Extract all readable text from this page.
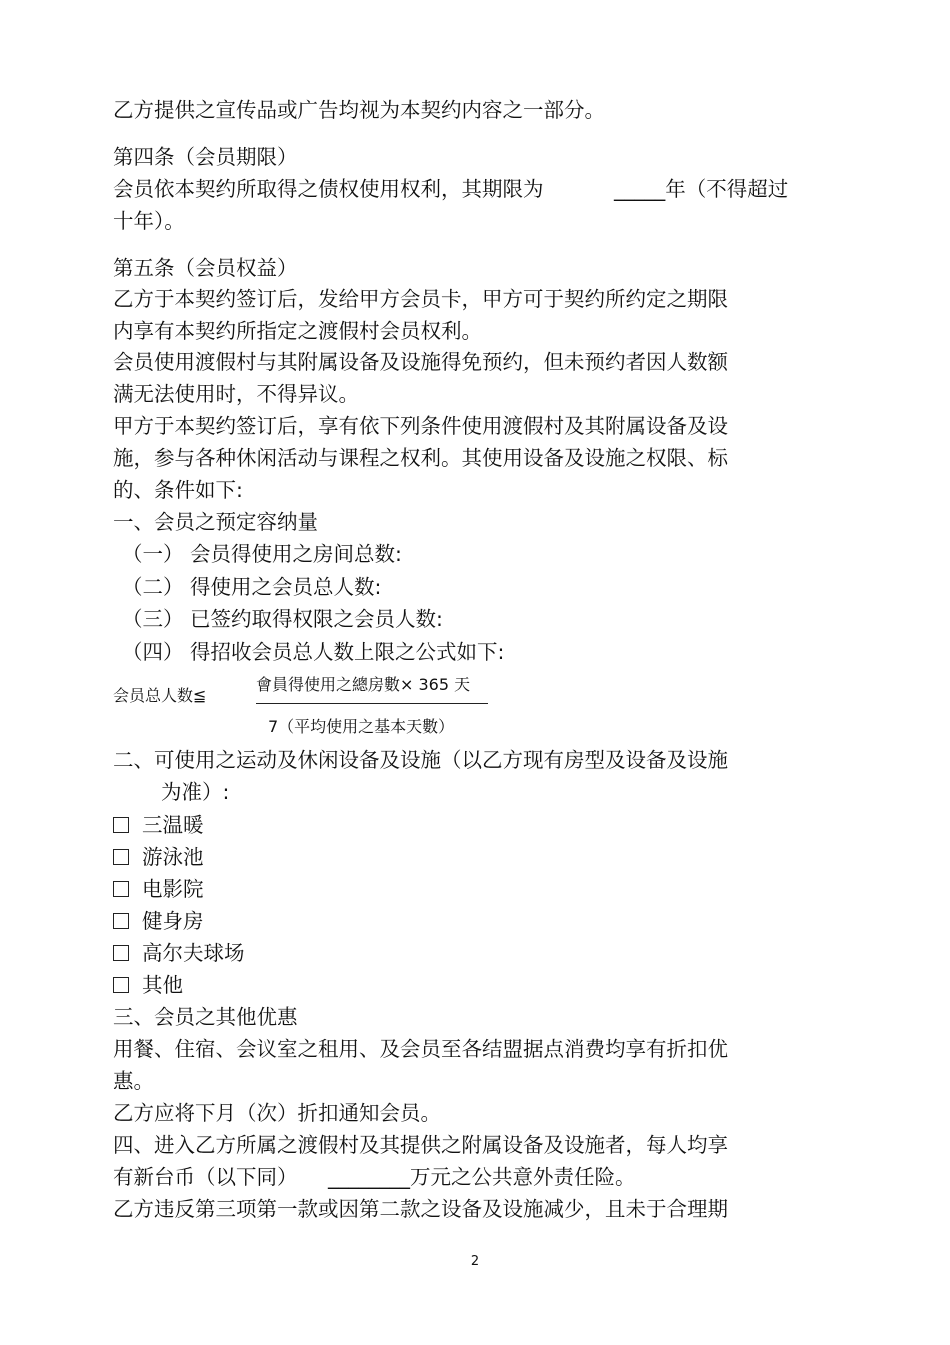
乙方提供之宣传品或广告均视为本契约内容之一部分。
第四条（会员期限）
会员依本契约所取得之债权使用权利，其期限为	_____年（不得超过
十年）。
第五条（会员权益）
乙方于本契约签订后，发给甲方会员卡，甲方可于契约所约定之期限
内享有本契约所指定之渡假村会员权利。
会员使用渡假村与其附属设备及设施得免预约，但未预约者因人数额
满无法使用时，不得异议。
甲方于本契约签订后，享有依下列条件使用渡假村及其附属设备及设
施，参与各种休闲活动与课程之权利。其使用设备及设施之权限、标
的、条件如下:
一、会员之预定容纳量
（一） 会员得使用之房间总数:
（二） 得使用之会员总人数:
（三） 已签约取得权限之会员人数:
（四） 得招收会员总人数上限之公式如下:
会员总人数≦
會員得使用之總房數× 365 天
7（平均使用之基本天數）
二、可使用之运动及休闲设备及设施（以乙方现有房型及设备及设施
为准）:
三温暖
游泳池
电影院
健身房
高尔夫球场
其他
三、会员之其他优惠
用餐、住宿、会议室之租用、及会员至各结盟据点消费均享有折扣优
惠。
乙方应将下月（次）折扣通知会员。
四、进入乙方所属之渡假村及其提供之附属设备及设施者，每人均享
有新台币（以下同） ________万元之公共意外责任险。
乙方违反第三项第一款或因第二款之设备及设施减少，且未于合理期
2
